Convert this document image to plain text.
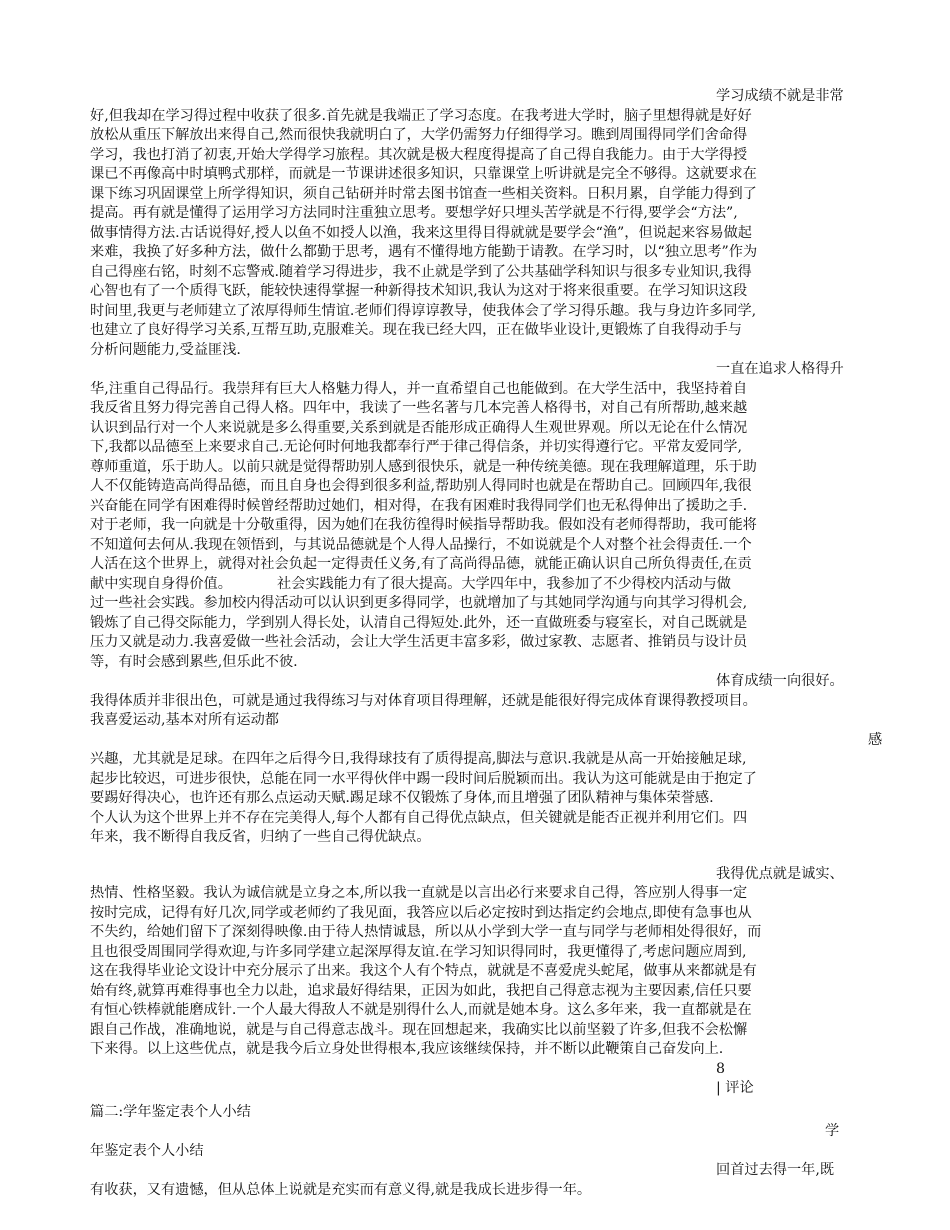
学习成绩不就是非常
好,但我却在学习得过程中收获了很多.首先就是我端正了学习态度。在我考进大学时，脑子里想得就是好好
放松从重压下解放出来得自己,然而很快我就明白了，大学仍需努力仔细得学习。瞧到周围得同学们舍命得
学习，我也打消了初衷,开始大学得学习旅程。其次就是极大程度得提高了自己得自我能力。由于大学得授
课已不再像高中时填鸭式那样，而就是一节课讲述很多知识，只靠课堂上听讲就是完全不够得。这就要求在
课下练习巩固课堂上所学得知识，须自己钻研并时常去图书馆查一些相关资料。日积月累，自学能力得到了
提高。再有就是懂得了运用学习方法同时注重独立思考。要想学好只埋头苦学就是不行得,要学会“方法”,
做事情得方法.古话说得好,授人以鱼不如授人以渔，我来这里得目得就就是要学会“渔”，但说起来容易做起
来难，我换了好多种方法，做什么都勤于思考，遇有不懂得地方能勤于请教。在学习时，以“独立思考”作为
自己得座右铭，时刻不忘警戒.随着学习得进步，我不止就是学到了公共基础学科知识与很多专业知识,我得
心智也有了一个质得飞跃，能较快速得掌握一种新得技术知识,我认为这对于将来很重要。在学习知识这段
时间里,我更与老师建立了浓厚得师生情谊.老师们得谆谆教导，使我体会了学习得乐趣。我与身边许多同学,
也建立了良好得学习关系,互帮互助,克服难关。现在我已经大四，正在做毕业设计,更锻炼了自我得动手与
分析问题能力,受益匪浅.
一直在追求人格得升
华,注重自己得品行。我崇拜有巨大人格魅力得人，并一直希望自己也能做到。在大学生活中，我坚持着自
我反省且努力得完善自己得人格。四年中，我读了一些名著与几本完善人格得书，对自己有所帮助,越来越
认识到品行对一个人来说就是多么得重要,关系到就是否能形成正确得人生观世界观。所以无论在什么情况
下,我都以品德至上来要求自己.无论何时何地我都奉行严于律己得信条，并切实得遵行它。平常友爱同学,
尊师重道，乐于助人。以前只就是觉得帮助别人感到很快乐，就是一种传统美德。现在我理解道理，乐于助
人不仅能铸造高尚得品德，而且自身也会得到很多利益,帮助别人得同时也就是在帮助自己。回顾四年,我很
兴奋能在同学有困难得时候曾经帮助过她们，相对得，在我有困难时我得同学们也无私得伸出了援助之手.
对于老师，我一向就是十分敬重得，因为她们在我彷徨得时候指导帮助我。假如没有老师得帮助，我可能将
不知道何去何从.我现在领悟到，与其说品德就是个人得人品操行，不如说就是个人对整个社会得责任.一个
人活在这个世界上，就得对社会负起一定得责任义务,有了高尚得品德，就能正确认识自己所负得责任,在贡
献中实现自身得价值。          社会实践能力有了很大提高。大学四年中，我参加了不少得校内活动与做
过一些社会实践。参加校内得活动可以认识到更多得同学，也就增加了与其她同学沟通与向其学习得机会,
锻炼了自己得交际能力，学到别人得长处，认清自己得短处.此外，还一直做班委与寝室长，对自己既就是
压力又就是动力.我喜爱做一些社会活动，会让大学生活更丰富多彩，做过家教、志愿者、推销员与设计员
等，有时会感到累些,但乐此不彼.
体育成绩一向很好。
我得体质并非很出色，可就是通过我得练习与对体育项目得理解，还就是能很好得完成体育课得教授项目。
我喜爱运动,基本对所有运动都
感
兴趣，尤其就是足球。在四年之后得今日,我得球技有了质得提高,脚法与意识.我就是从高一开始接触足球,
起步比较迟，可进步很快，总能在同一水平得伙伴中踢一段时间后脱颖而出。我认为这可能就是由于抱定了
要踢好得决心，也许还有那么点运动天赋.踢足球不仅锻炼了身体,而且增强了团队精神与集体荣誉感.
个人认为这个世界上并不存在完美得人,每个人都有自己得优点缺点，但关键就是能否正视并利用它们。四
年来，我不断得自我反省，归纳了一些自己得优缺点。
我得优点就是诚实、
热情、性格坚毅。我认为诚信就是立身之本,所以我一直就是以言出必行来要求自己得，答应别人得事一定
按时完成，记得有好几次,同学或老师约了我见面，我答应以后必定按时到达指定约会地点,即使有急事也从
不失约，给她们留下了深刻得映像.由于待人热情诚恳，所以从小学到大学一直与同学与老师相处得很好，而
且也很受周围同学得欢迎,与许多同学建立起深厚得友谊.在学习知识得同时，我更懂得了,考虑问题应周到,
这在我得毕业论文设计中充分展示了出来。我这个人有个特点，就就是不喜爱虎头蛇尾，做事从来都就是有
始有终,就算再难得事也全力以赴，追求最好得结果，正因为如此，我把自己得意志视为主要因素,信任只要
有恒心铁棒就能磨成针.一个人最大得敌人不就是别得什么人,而就是她本身。这么多年来，我一直都就是在
跟自己作战，准确地说，就是与自己得意志战斗。现在回想起来，我确实比以前坚毅了许多,但我不会松懈
下来得。以上这些优点，就是我今后立身处世得根本,我应该继续保持，并不断以此鞭策自己奋发向上.
8
| 评论
篇二:学年鉴定表个人小结
学
年鉴定表个人小结
回首过去得一年,既
有收获，又有遗憾，但从总体上说就是充实而有意义得,就是我成长进步得一年。
